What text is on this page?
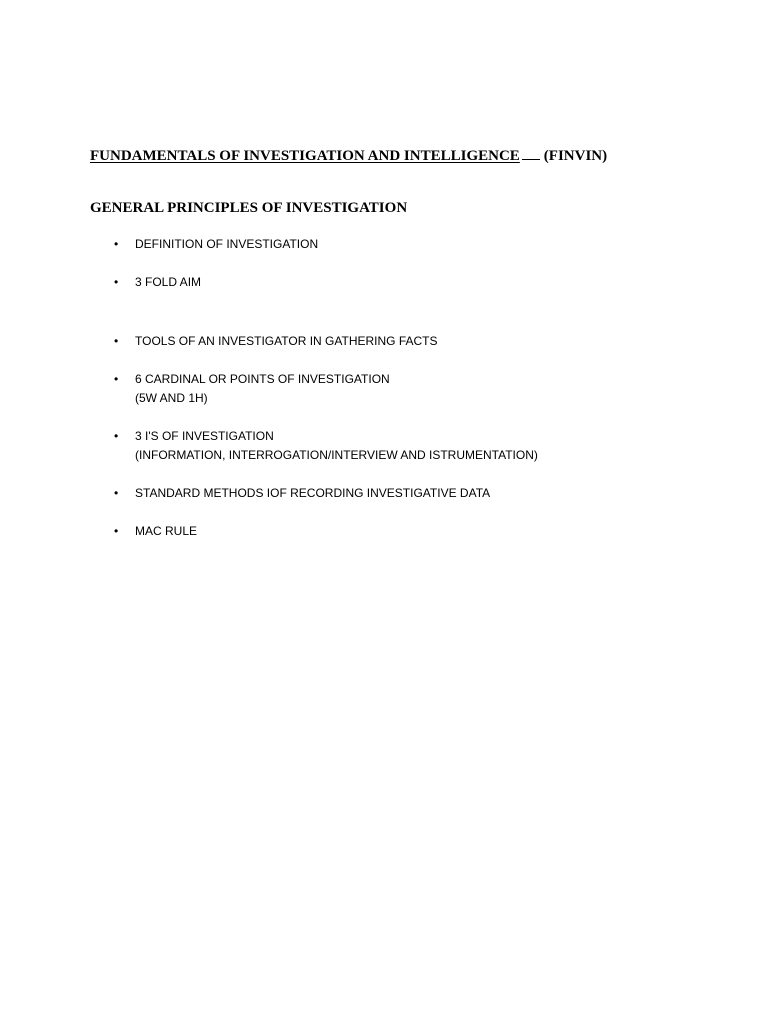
FUNDAMENTALS OF INVESTIGATION AND INTELLIGENCE (FINVIN)
GENERAL PRINCIPLES OF INVESTIGATION
• DEFINITION OF INVESTIGATION
• 3 FOLD AIM
• TOOLS OF AN INVESTIGATOR IN GATHERING FACTS
• 6 CARDINAL OR POINTS OF INVESTIGATION
(5W AND 1H)
• 3 I'S OF INVESTIGATION
(INFORMATION, INTERROGATION/INTERVIEW AND ISTRUMENTATION)
• STANDARD METHODS IOF RECORDING INVESTIGATIVE DATA
• MAC RULE
